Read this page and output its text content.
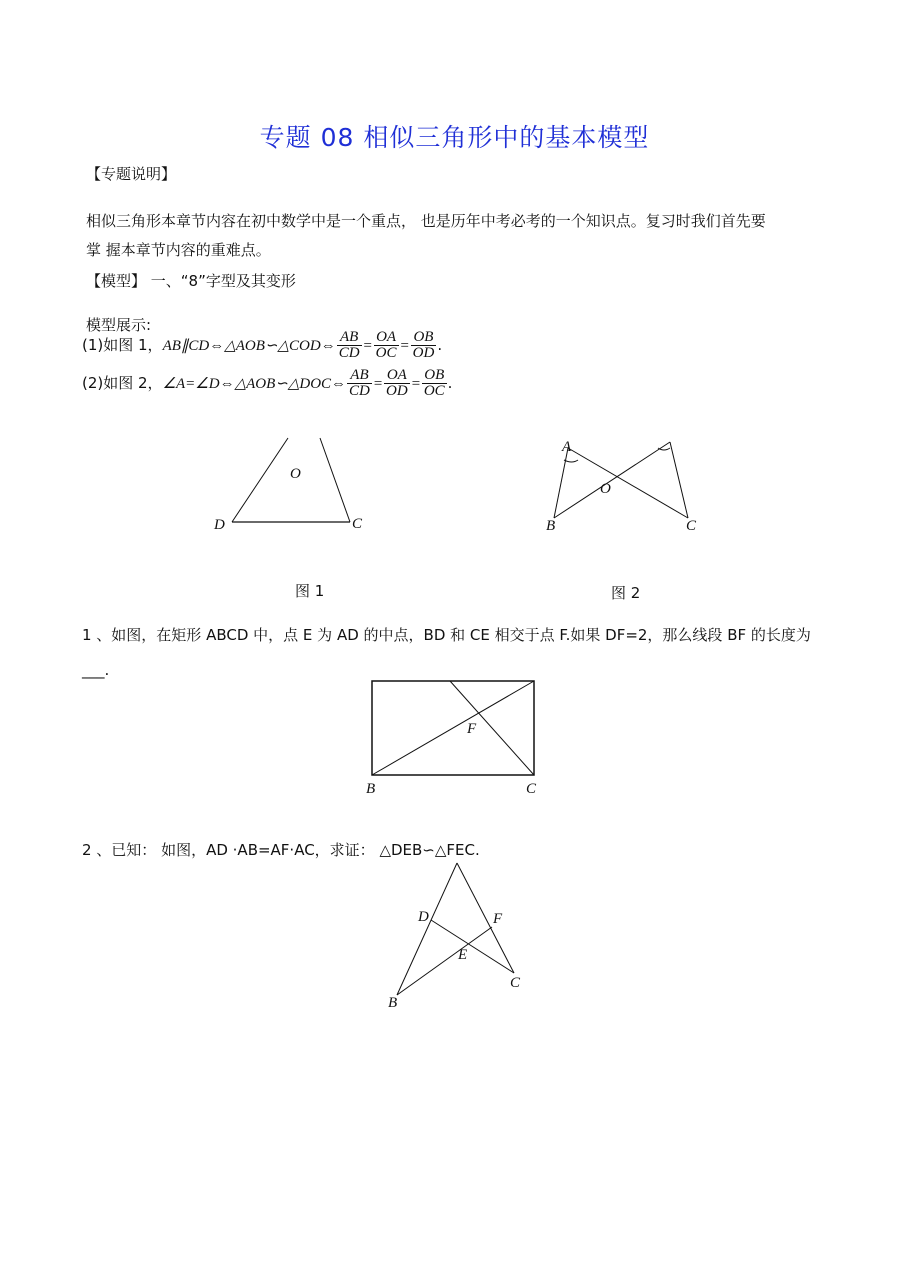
专题 08 相似三角形中的基本模型
【专题说明】
相似三角形本章节内容在初中数学中是一个重点， 也是历年中考必考的一个知识点。复习时我们首先要
掌 握本章节内容的重难点。
【模型】 一、“8”字型及其变形
模型展示:
(1)如图 1，AB∥CD⇔△AOB∽△COD⇔ $\frac{AB}{CD} = \frac{OA}{OC} = \frac{OB}{OD}$ .
(2)如图 2，∠A=∠D⇔△AOB∽△DOC⇔ $\frac{AB}{CD} = \frac{OA}{OD} = \frac{OB}{OC}$ .
O
D	C
图 1
A
O
B	C
图 2
1 、如图，在矩形 ABCD 中，点 E 为 AD 的中点，BD 和 CE 相交于点 F.如果 DF=2，那么线段 BF 的长度为
___.
F
B	C
2 、已知： 如图，AD ·AB=AF·AC，求证： △DEB∽△FEC.
D	F
E
B
C
